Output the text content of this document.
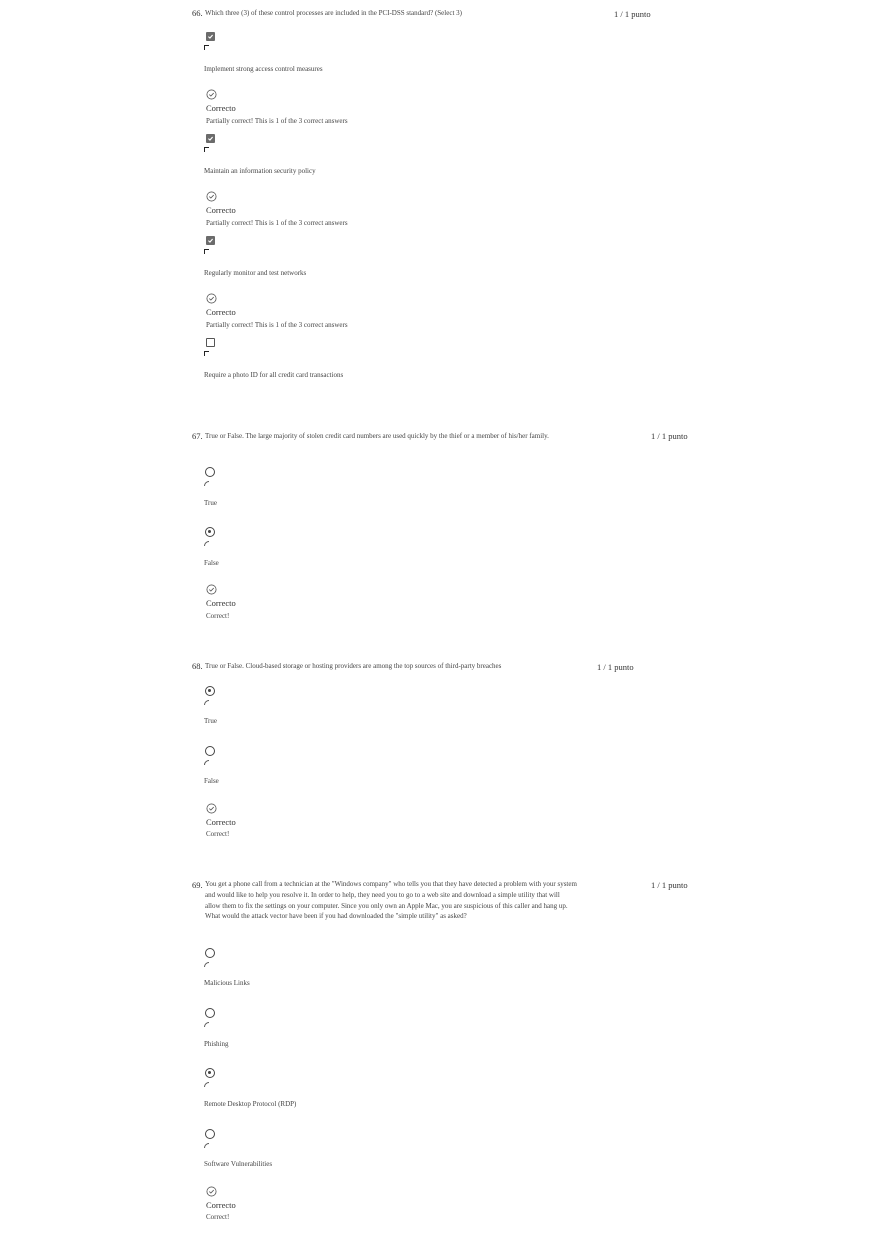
66. Which three (3) of these control processes are included in the PCI-DSS standard? (Select 3)	1 / 1 punto
Implement strong access control measures
Correcto
Partially correct! This is 1 of the 3 correct answers
Maintain an information security policy
Correcto
Partially correct! This is 1 of the 3 correct answers
Regularly monitor and test networks
Correcto
Partially correct! This is 1 of the 3 correct answers
Require a photo ID for all credit card transactions
67. True or False. The large majority of stolen credit card numbers are used quickly by the thief or a member of his/her family.	1 / 1 punto
True
False
Correcto
Correct!
68. True or False. Cloud-based storage or hosting providers are among the top sources of third-party breaches	1 / 1 punto
True
False
Correcto
Correct!
69. You get a phone call from a technician at the "Windows company" who tells you that they have detected a problem with your system and would like to help you resolve it. In order to help, they need you to go to a web site and download a simple utility that will allow them to fix the settings on your computer. Since you only own an Apple Mac, you are suspicious of this caller and hang up. What would the attack vector have been if you had downloaded the "simple utility" as asked?
1 / 1 punto
Malicious Links
Phishing
Remote Desktop Protocol (RDP)
Software Vulnerabilities
Correcto
Correct!
